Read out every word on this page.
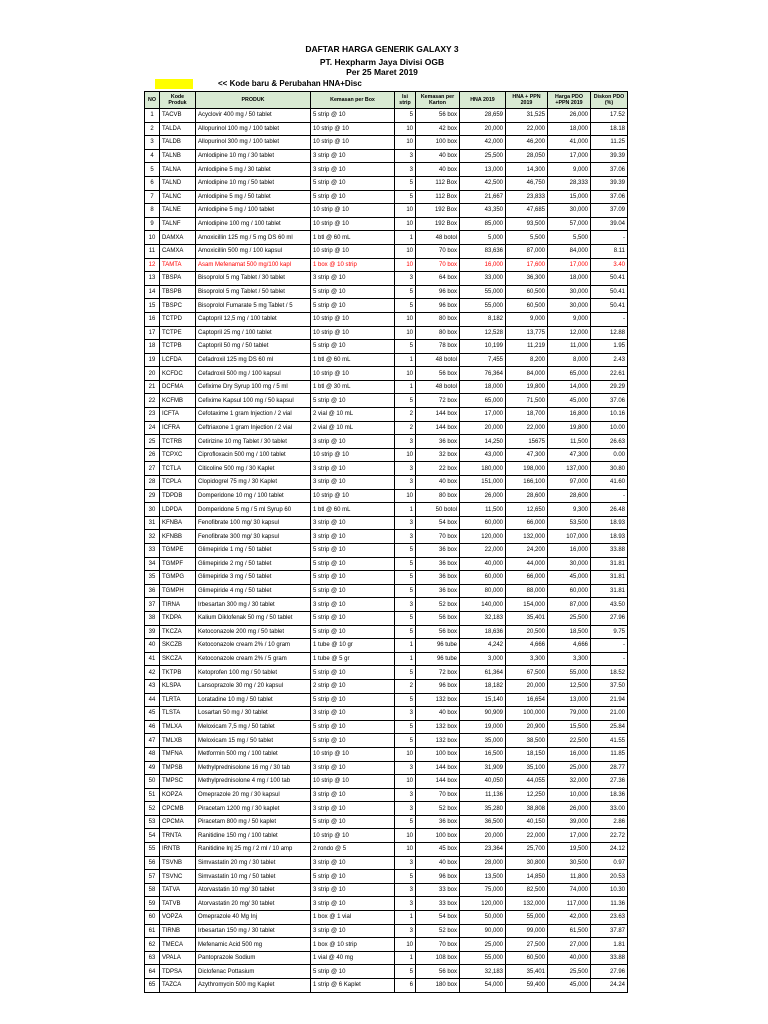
DAFTAR HARGA GENERIK GALAXY 3
PT. Hexpharm Jaya Divisi OGB
Per 25 Maret 2019
<< Kode baru & Perubahan HNA+Disc
NO	Kode Produk	PRODUK	Kemasan per Box	Isi strip	Kemasan per Karton	HNA 2019	HNA + PPN 2019	Harga PDO +PPN 2019	Diskon PDO (%)
1	TACVB	Acyclovir 400 mg / 50 tablet	5 strip @ 10	5	56 box	28,659	31,525	26,000	17.52
2	TALDA	Allopurinol 100 mg / 100 tablet	10 strip @ 10	10	42 box	20,000	22,000	18,000	18.18
3	TALDB	Allopurinol 300 mg / 100 tablet	10 strip @ 10	10	100 box	42,000	46,200	41,000	11.25
4	TALNB	Amlodipine 10 mg / 30 tablet	3 strip @ 10	3	40 box	25,500	28,050	17,000	39.39
5	TALNA	Amlodipine 5 mg / 30 tablet	3 strip @ 10	3	40 box	13,000	14,300	9,000	37.06
6	TALND	Amlodipine 10 mg / 50 tablet	5 strip @ 10	5	112 Box	42,500	46,750	28,333	39.39
7	TALNC	Amlodipine 5 mg / 50 tablet	5 strip @ 10	5	112 Box	21,667	23,833	15,000	37.06
8	TALNE	Amlodipine 5 mg / 100 tablet	10 strip @ 10	10	192 Box	43,350	47,685	30,000	37.09
9	TALNF	Amlodipine 100 mg / 100 tablet	10 strip @ 10	10	192 Box	85,000	93,500	57,000	39.04
10	DAMXA	Amoxicillin 125 mg / 5 mg DS 60 ml	1 btl @ 60 mL	1	48 botol	5,000	5,500	5,500	-
11	CAMXA	Amoxicillin 500 mg / 100 kapsul	10 strip @ 10	10	70 box	83,636	87,000	84,000	8.11
12	TAMTA	Asam Mefenamat 500 mg/100 kapl	1 box @ 10 strip	10	70 box	16,000	17,600	17,000	3.40
13	TBSPA	Bisoprolol 5 mg Tablet / 30 tablet	3 strip @ 10	3	64 box	33,000	36,300	18,000	50.41
14	TBSPB	Bisoprolol 5 mg Tablet / 50 tablet	5 strip @ 10	5	96 box	55,000	60,500	30,000	50.41
15	TBSPC	Bisoprolol Fumarate 5 mg Tablet / 5	5 strip @ 10	5	96 box	55,000	60,500	30,000	50.41
16	TCTPD	Captopril 12,5 mg / 100 tablet	10 strip @ 10	10	80 box	8,182	9,000	9,000	-
17	TCTPE	Captopril 25 mg / 100 tablet	10 strip @ 10	10	80 box	12,528	13,775	12,000	12.88
18	TCTPB	Captopril 50 mg / 50 tablet	5 strip @ 10	5	78 box	10,199	11,219	11,000	1.95
19	LCFDA	Cefadroxil 125 mg DS 60 ml	1 btl @ 60 mL	1	48 botol	7,455	8,200	8,000	2.43
20	KCFDC	Cefadroxil 500 mg / 100 kapsul	10 strip @ 10	10	56 box	76,364	84,000	65,000	22.61
21	DCFMA	Cefixime Dry Syrup 100 mg / 5 ml	1 btl @ 30 mL	1	48 botol	18,000	19,800	14,000	29.29
22	KCFMB	Cefixime Kapsul 100 mg / 50 kapsul	5 strip @ 10	5	72 box	65,000	71,500	45,000	37.06
23	ICFTA	Cefotaxime 1 gram Injection / 2 vial	2 vial @ 10 mL	2	144 box	17,000	18,700	16,800	10.16
24	ICFRA	Ceftriaxone 1 gram Injection / 2 vial	2 vial @ 10 mL	2	144 box	20,000	22,000	19,800	10.00
25	TCTRB	Cetirizine 10 mg Tablet / 30 tablet	3 strip @ 10	3	36 box	14,250	15675	11,500	26.63
26	TCPXC	Ciprofloxacin 500 mg / 100 tablet	10 strip @ 10	10	32 box	43,000	47,300	47,300	0.00
27	TCTLA	Citicoline 500 mg / 30 Kaplet	3 strip @ 10	3	22 box	180,000	198,000	137,000	30.80
28	TCPLA	Clopidogrel 75 mg / 30 Kaplet	3 strip @ 10	3	40 box	151,000	166,100	97,000	41.60
29	TDPDB	Domperidone 10 mg / 100 tablet	10 strip @ 10	10	80 box	26,000	28,600	28,600	-
30	LDPDA	Domperidone 5 mg / 5 ml Syrup 60	1 btl @ 60 mL	1	50 botol	11,500	12,650	9,300	26.48
31	KFNBA	Fenofibrate 100 mg/ 30 kapsul	3 strip @ 10	3	54 box	60,000	66,000	53,500	18.93
32	KFNBB	Fenofibrate 300 mg/ 30 kapsul	3 strip @ 10	3	70 box	120,000	132,000	107,000	18.93
33	TGMPE	Glimepiride 1 mg / 50 tablet	5 strip @ 10	5	36 box	22,000	24,200	16,000	33.88
34	TGMPF	Glimepiride 2 mg / 50 tablet	5 strip @ 10	5	36 box	40,000	44,000	30,000	31.81
35	TGMPG	Glimepiride 3 mg / 50 tablet	5 strip @ 10	5	36 box	60,000	66,000	45,000	31.81
36	TGMPH	Glimepiride 4 mg / 50 tablet	5 strip @ 10	5	36 box	80,000	88,000	60,000	31.81
37	TIRNA	Irbesartan 300 mg / 30 tablet	3 strip @ 10	3	52 box	140,000	154,000	87,000	43.50
38	TKDPA	Kalium Diklofenak 50 mg / 50 tablet	5 strip @ 10	5	56 box	32,183	35,401	25,500	27.96
39	TKCZA	Ketoconazole 200 mg / 50 tablet	5 strip @ 10	5	56 box	18,636	20,500	18,500	9.75
40	SKCZB	Ketoconazole cream 2% / 10 gram	1 tube @ 10 gr	1	96 tube	4,242	4,666	4,666	-
41	SKCZA	Ketoconazole cream 2% / 5 gram	1 tube @ 5 gr	1	96 tube	3,000	3,300	3,300	-
42	TKTPB	Ketoprofen 100 mg / 50 tablet	5 strip @ 10	5	72 box	61,364	67,500	55,000	18.52
43	KLSPA	Lansoprazole 30 mg / 20 kapsul	2 strip @ 10	2	96 box	18,182	20,000	12,500	37.50
44	TLRTA	Loratadine 10 mg / 50 tablet	5 strip @ 10	5	132 box	15,140	16,654	13,000	21.94
45	TLSTA	Losartan 50 mg / 30 tablet	3 strip @ 10	3	40 box	90,909	100,000	79,000	21.00
46	TMLXA	Meloxicam 7,5 mg / 50 tablet	5 strip @ 10	5	132 box	19,000	20,900	15,500	25.84
47	TMLXB	Meloxicam 15 mg / 50 tablet	5 strip @ 10	5	132 box	35,000	38,500	22,500	41.55
48	TMFNA	Metformin 500 mg / 100 tablet	10 strip @ 10	10	100 box	16,500	18,150	16,000	11.85
49	TMPSB	Methylprednisolone 16 mg / 30 tab	3 strip @ 10	3	144 box	31,909	35,100	25,000	28.77
50	TMPSC	Methylprednisolone 4 mg / 100 tab	10 strip @ 10	10	144 box	40,050	44,055	32,000	27.36
51	KOPZA	Omeprazole 20 mg / 30 kapsul	3 strip @ 10	3	70 box	11,136	12,250	10,000	18.36
52	CPCMB	Piracetam 1200 mg / 30 kaplet	3 strip @ 10	3	52 box	35,280	38,808	26,000	33.00
53	CPCMA	Piracetam 800 mg / 50 kaplet	5 strip @ 10	5	36 box	36,500	40,150	39,000	2.86
54	TRNTA	Ranitidine 150 mg / 100 tablet	10 strip @ 10	10	100 box	20,000	22,000	17,000	22.72
55	IRNTB	Ranitidine Inj 25 mg / 2 ml / 10 amp	2 rondo @ 5	10	45 box	23,364	25,700	19,500	24.12
56	TSVNB	Simvastatin 20 mg / 30 tablet	3 strip @ 10	3	40 box	28,000	30,800	30,500	0.97
57	TSVNC	Simvastatin 10 mg / 50 tablet	5 strip @ 10	5	96 box	13,500	14,850	11,800	20.53
58	TATVA	Atorvastatin 10 mg/ 30 tablet	3 strip @ 10	3	33 box	75,000	82,500	74,000	10.30
59	TATVB	Atorvastatin 20 mg/ 30 tablet	3 strip @ 10	3	33 box	120,000	132,000	117,000	11.36
60	VOPZA	Omeprazole 40 Mg Inj	1 box @ 1 vial	1	54 box	50,000	55,000	42,000	23.63
61	TIRNB	Irbesartan 150 mg / 30 tablet	3 strip @ 10	3	52 box	90,000	99,000	61,500	37.87
62	TMECA	Mefenamic Acid 500 mg	1 box @ 10 strip	10	70 box	25,000	27,500	27,000	1.81
63	VPALA	Pantoprazole Sodium	1 vial @ 40 mg	1	108 box	55,000	60,500	40,000	33.88
64	TDPSA	Diclofenac Pottasium	5 strip @ 10	5	56 box	32,183	35,401	25,500	27.96
65	TAZCA	Azythromycin 500 mg Kaplet	1 strip @ 6 Kaplet	6	180 box	54,000	59,400	45,000	24.24
